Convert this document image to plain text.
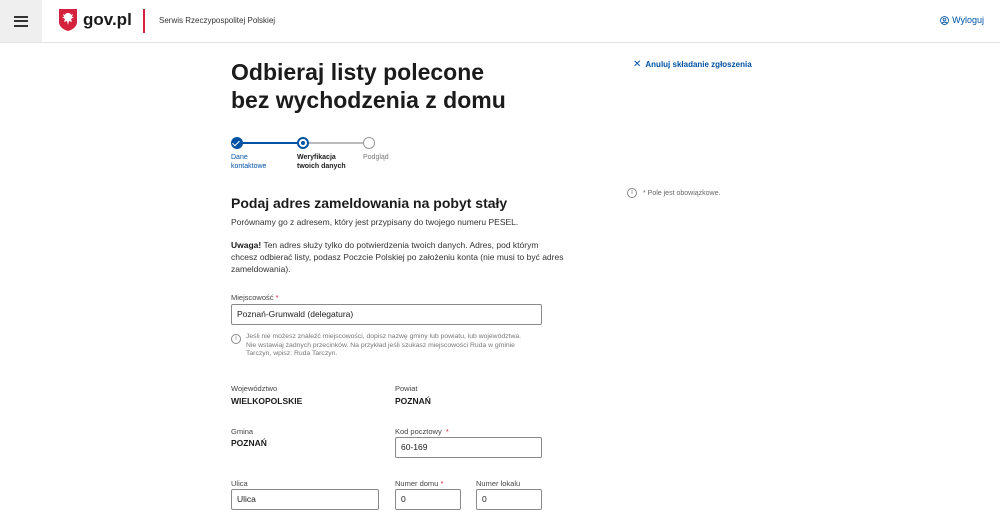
gov.pl	Serwis Rzeczypospolitej Polskiej	Wyloguj
Odbieraj listy polecone
bez wychodzenia z domu
✕ Anuluj składanie zgłoszenia
Dane
kontaktowe
Weryfikacja
twoich danych
Podgląd
i	* Pole jest obowiązkowe.
Podaj adres zameldowania na pobyt stały
Porównamy go z adresem, który jest przypisany do twojego numeru PESEL.
Uwaga! Ten adres służy tylko do potwierdzenia twoich danych. Adres, pod którym chcesz odbierać listy, podasz Poczcie Polskiej po założeniu konta (nie musi to być adres zameldowania).
Miejscowość *
Poznań-Grunwald (delegatura)
i	Jeśli nie możesz znaleźć miejscowości, dopisz nazwę gminy lub powiatu, lub województwa. Nie wstawiaj żadnych przecinków. Na przykład jeśli szukasz miejscowości Ruda w gminie Tarczyn, wpisz: Ruda Tarczyn.
Województwo
WIELKOPOLSKIE
Powiat
POZNAŃ
Gmina
POZNAŃ
Kod pocztowy *
60-169
Ulica
Ulica
Numer domu *
0
Numer lokalu
0
